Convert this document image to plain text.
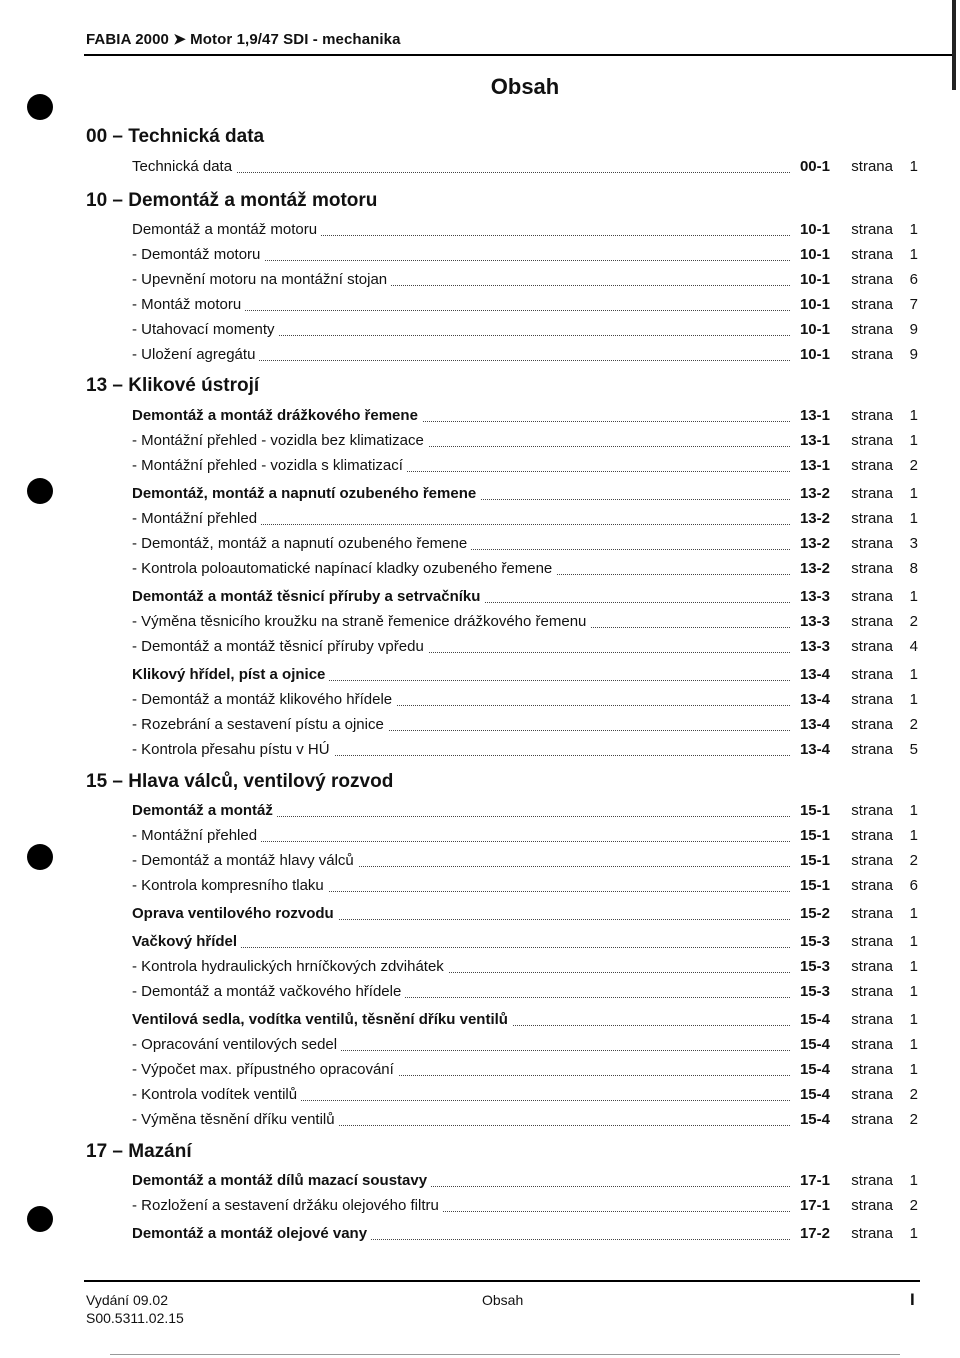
FABIA 2000 ➤ Motor 1,9/47 SDI - mechanika
Obsah
00 – Technická data
Technická data	00-1 strana 1
10 – Demontáž a montáž motoru
Demontáž a montáž motoru	10-1 strana 1
- Demontáž motoru	10-1 strana 1
- Upevnění motoru na montážní stojan	10-1 strana 6
- Montáž motoru	10-1 strana 7
- Utahovací momenty	10-1 strana 9
- Uložení agregátu	10-1 strana 9
13 – Klikové ústrojí
Demontáž a montáž drážkového řemene	13-1 strana 1
- Montážní přehled - vozidla bez klimatizace	13-1 strana 1
- Montážní přehled - vozidla s klimatizací	13-1 strana 2
Demontáž, montáž a napnutí ozubeného řemene	13-2 strana 1
- Montážní přehled	13-2 strana 1
- Demontáž, montáž a napnutí ozubeného řemene	13-2 strana 3
- Kontrola poloautomatické napínací kladky ozubeného řemene	13-2 strana 8
Demontáž a montáž těsnicí příruby a setrvačníku	13-3 strana 1
- Výměna těsnicího kroužku na straně řemenice drážkového řemenu	13-3 strana 2
- Demontáž a montáž těsnicí příruby vpředu	13-3 strana 4
Klikový hřídel, píst a ojnice	13-4 strana 1
- Demontáž a montáž klikového hřídele	13-4 strana 1
- Rozebrání a sestavení pístu a ojnice	13-4 strana 2
- Kontrola přesahu pístu v HÚ	13-4 strana 5
15 – Hlava válců, ventilový rozvod
Demontáž a montáž	15-1 strana 1
- Montážní přehled	15-1 strana 1
- Demontáž a montáž hlavy válců	15-1 strana 2
- Kontrola kompresního tlaku	15-1 strana 6
Oprava ventilového rozvodu	15-2 strana 1
Vačkový hřídel	15-3 strana 1
- Kontrola hydraulických hrníčkových zdvihátek	15-3 strana 1
- Demontáž a montáž vačkového hřídele	15-3 strana 1
Ventilová sedla, vodítka ventilů, těsnění dříku ventilů	15-4 strana 1
- Opracování ventilových sedel	15-4 strana 1
- Výpočet max. přípustného opracování	15-4 strana 1
- Kontrola vodítek ventilů	15-4 strana 2
- Výměna těsnění dříku ventilů	15-4 strana 2
17 – Mazání
Demontáž a montáž dílů mazací soustavy	17-1 strana 1
- Rozložení a sestavení držáku olejového filtru	17-1 strana 2
Demontáž a montáž olejové vany	17-2 strana 1
Vydání 09.02
S00.5311.02.15
Obsah	I
